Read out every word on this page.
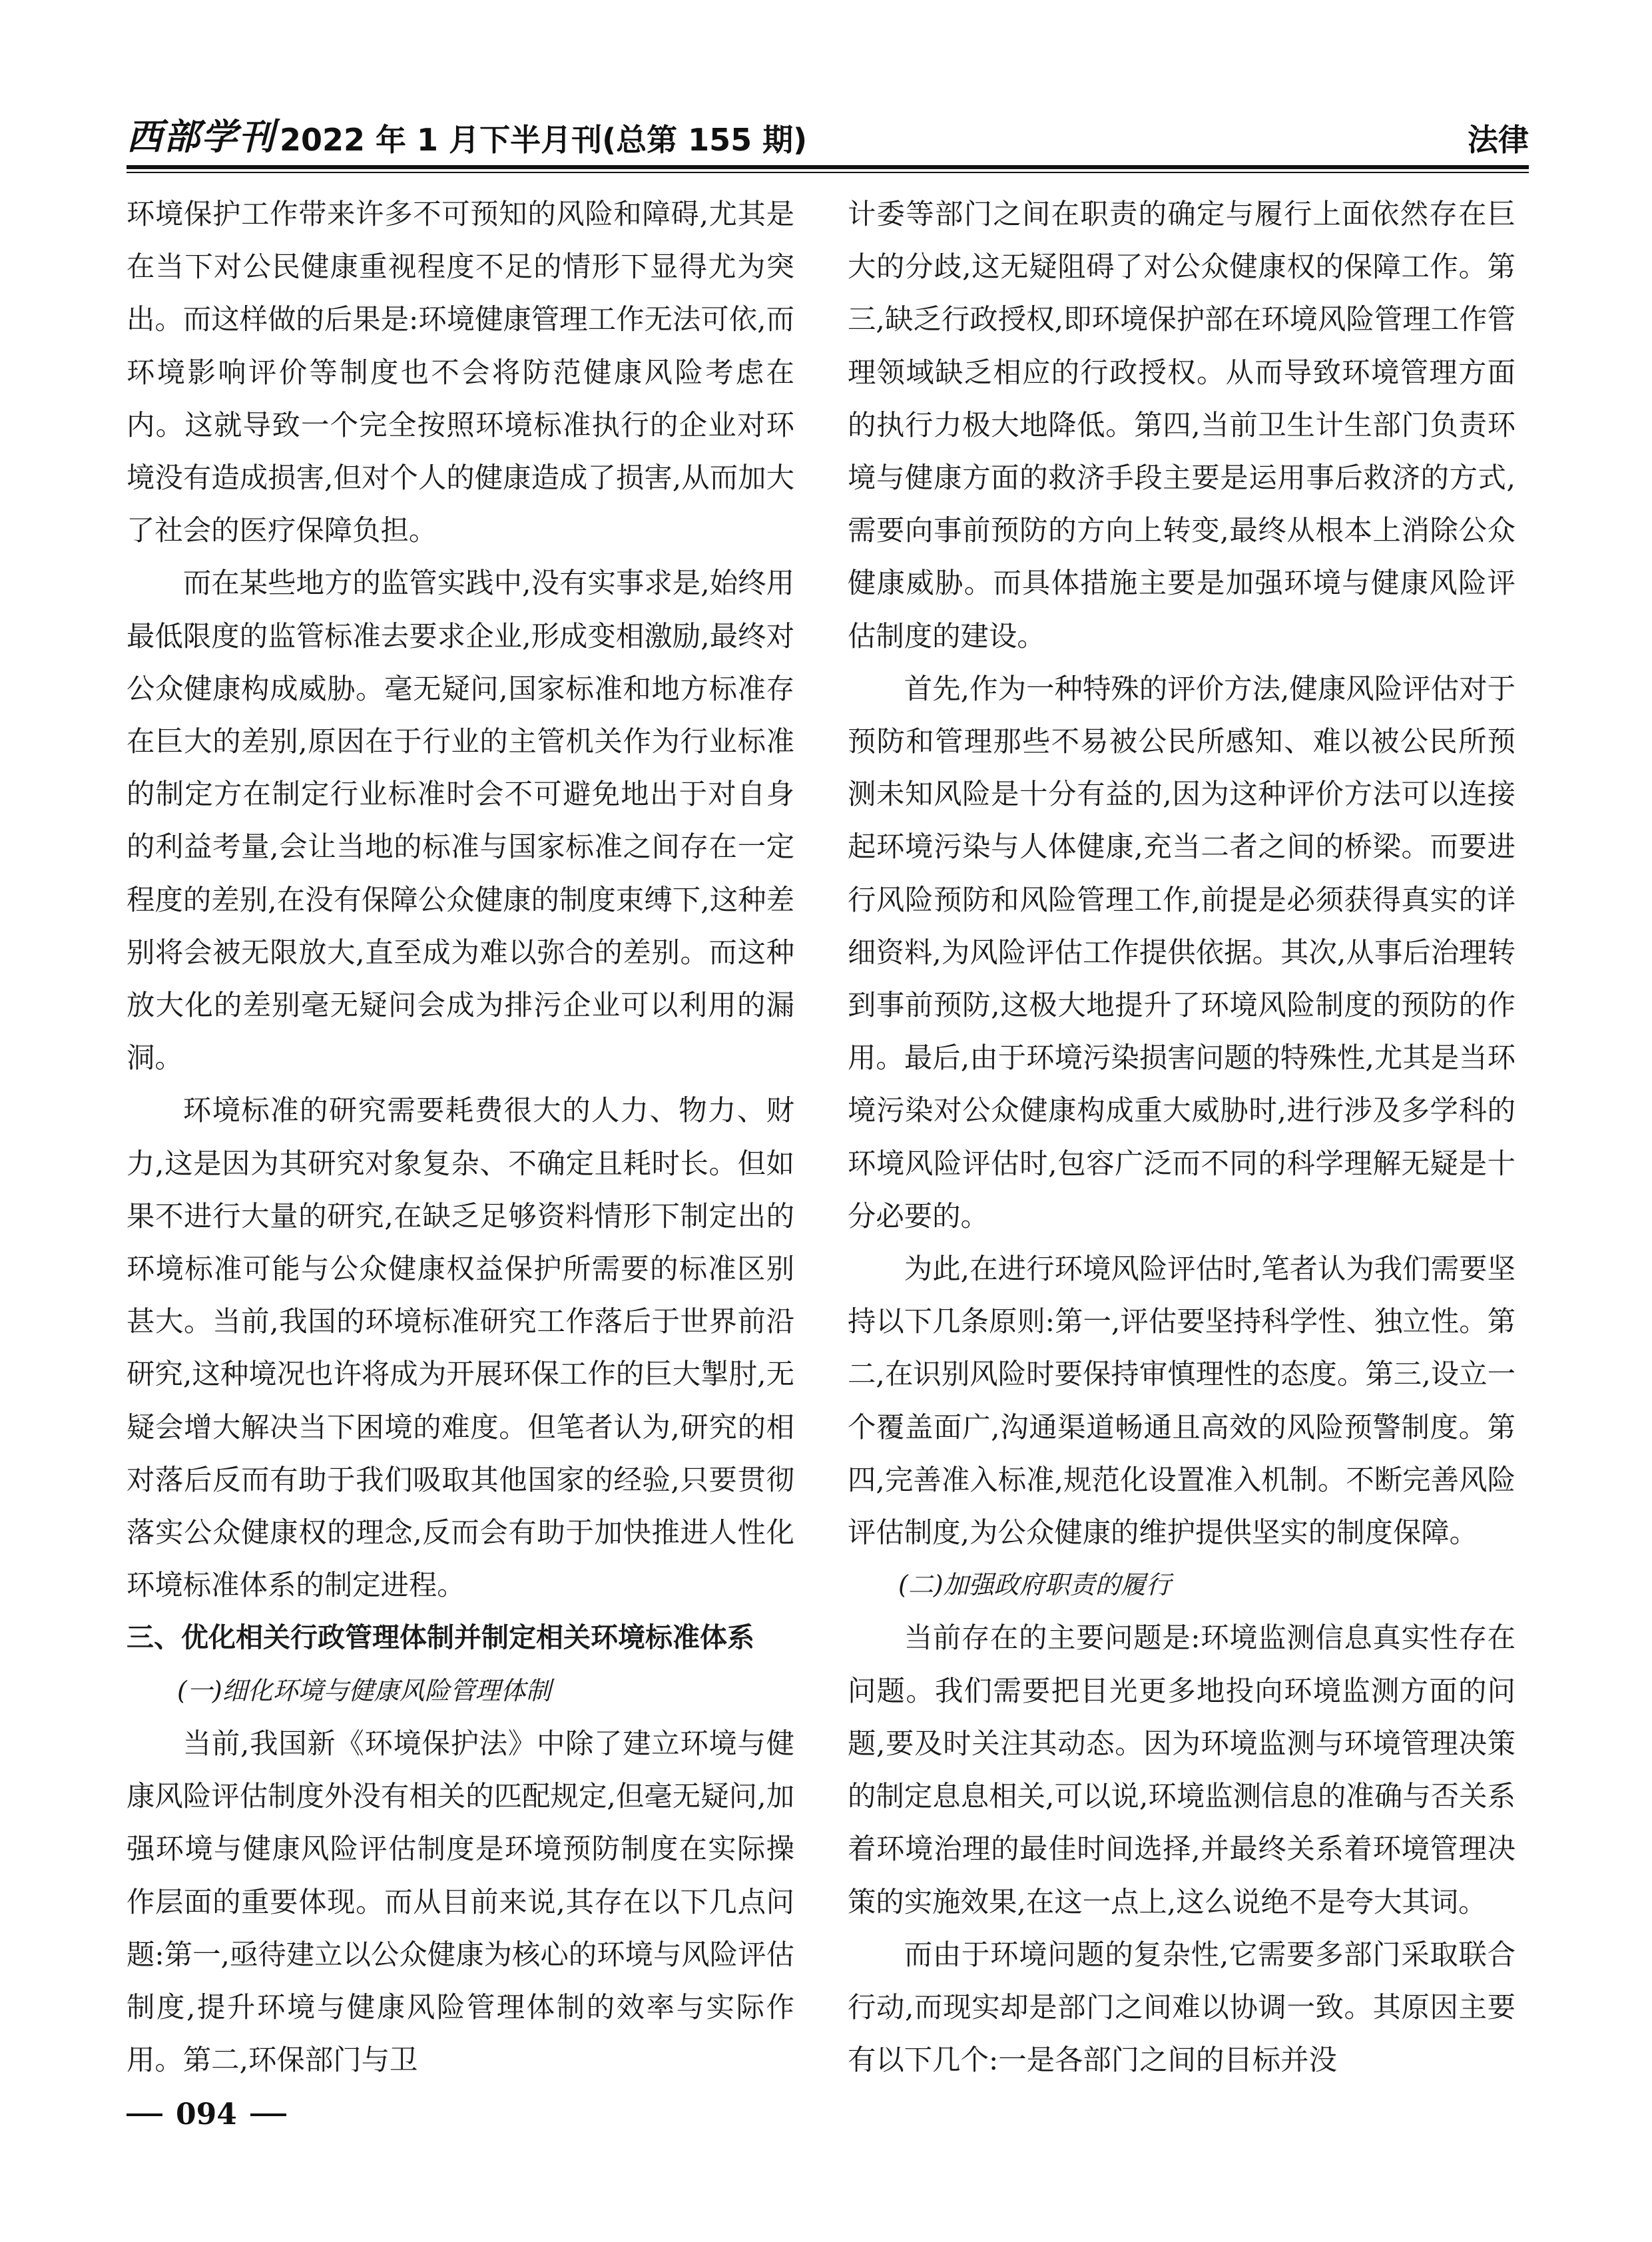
西部学刊 2022 年 1 月下半月刊(总第 155 期)	法律

环境保护工作带来许多不可预知的风险和障碍,尤其是在当下对公民健康重视程度不足的情形下显得尤为突出。而这样做的后果是:环境健康管理工作无法可依,而环境影响评价等制度也不会将防范健康风险考虑在内。这就导致一个完全按照环境标准执行的企业对环境没有造成损害,但对个人的健康造成了损害,从而加大了社会的医疗保障负担。

而在某些地方的监管实践中,没有实事求是,始终用最低限度的监管标准去要求企业,形成变相激励,最终对公众健康构成威胁。毫无疑问,国家标准和地方标准存在巨大的差别,原因在于行业的主管机关作为行业标准的制定方在制定行业标准时会不可避免地出于对自身的利益考量,会让当地的标准与国家标准之间存在一定程度的差别,在没有保障公众健康的制度束缚下,这种差别将会被无限放大,直至成为难以弥合的差别。而这种放大化的差别毫无疑问会成为排污企业可以利用的漏洞。

环境标准的研究需要耗费很大的人力、物力、财力,这是因为其研究对象复杂、不确定且耗时长。但如果不进行大量的研究,在缺乏足够资料情形下制定出的环境标准可能与公众健康权益保护所需要的标准区别甚大。当前,我国的环境标准研究工作落后于世界前沿研究,这种境况也许将成为开展环保工作的巨大掣肘,无疑会增大解决当下困境的难度。但笔者认为,研究的相对落后反而有助于我们吸取其他国家的经验,只要贯彻落实公众健康权的理念,反而会有助于加快推进人性化环境标准体系的制定进程。

三、优化相关行政管理体制并制定相关环境标准体系
(一)细化环境与健康风险管理体制

当前,我国新《环境保护法》中除了建立环境与健康风险评估制度外没有相关的匹配规定,但毫无疑问,加强环境与健康风险评估制度是环境预防制度在实际操作层面的重要体现。而从目前来说,其存在以下几点问题:第一,亟待建立以公众健康为核心的环境与风险评估制度,提升环境与健康风险管理体制的效率与实际作用。第二,环保部门与卫

计委等部门之间在职责的确定与履行上面依然存在巨大的分歧,这无疑阻碍了对公众健康权的保障工作。第三,缺乏行政授权,即环境保护部在环境风险管理工作管理领域缺乏相应的行政授权。从而导致环境管理方面的执行力极大地降低。第四,当前卫生计生部门负责环境与健康方面的救济手段主要是运用事后救济的方式,需要向事前预防的方向上转变,最终从根本上消除公众健康威胁。而具体措施主要是加强环境与健康风险评估制度的建设。

首先,作为一种特殊的评价方法,健康风险评估对于预防和管理那些不易被公民所感知、难以被公民所预测未知风险是十分有益的,因为这种评价方法可以连接起环境污染与人体健康,充当二者之间的桥梁。而要进行风险预防和风险管理工作,前提是必须获得真实的详细资料,为风险评估工作提供依据。其次,从事后治理转到事前预防,这极大地提升了环境风险制度的预防的作用。最后,由于环境污染损害问题的特殊性,尤其是当环境污染对公众健康构成重大威胁时,进行涉及多学科的环境风险评估时,包容广泛而不同的科学理解无疑是十分必要的。

为此,在进行环境风险评估时,笔者认为我们需要坚持以下几条原则:第一,评估要坚持科学性、独立性。第二,在识别风险时要保持审慎理性的态度。第三,设立一个覆盖面广,沟通渠道畅通且高效的风险预警制度。第四,完善准入标准,规范化设置准入机制。不断完善风险评估制度,为公众健康的维护提供坚实的制度保障。

(二)加强政府职责的履行

当前存在的主要问题是:环境监测信息真实性存在问题。我们需要把目光更多地投向环境监测方面的问题,要及时关注其动态。因为环境监测与环境管理决策的制定息息相关,可以说,环境监测信息的准确与否关系着环境治理的最佳时间选择,并最终关系着环境管理决策的实施效果,在这一点上,这么说绝不是夸大其词。

而由于环境问题的复杂性,它需要多部门采取联合行动,而现实却是部门之间难以协调一致。其原因主要有以下几个:一是各部门之间的目标并没

094
